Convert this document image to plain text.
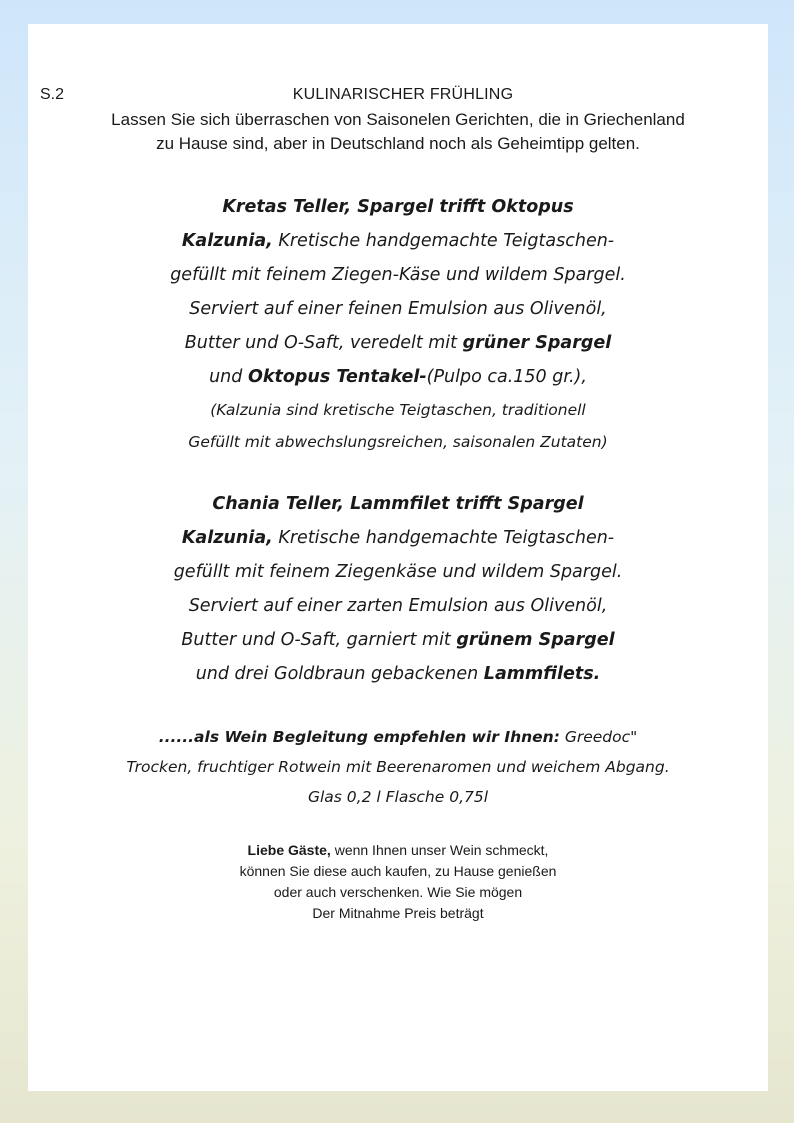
S.2	KULINARISCHER FRÜHLING
Lassen Sie sich überraschen von Saisonelen Gerichten, die in Griechenland
zu Hause sind, aber in Deutschland noch als Geheimtipp gelten.
Kretas Teller, Spargel trifft Oktopus
Kalzunia, Kretische handgemachte Teigtaschen-
gefüllt mit feinem Ziegen-Käse und wildem Spargel.
Serviert auf einer feinen Emulsion aus Olivenöl,
Butter und O-Saft, veredelt mit grüner Spargel
und Oktopus Tentakel-(Pulpo ca.150 gr.),
(Kalzunia sind kretische Teigtaschen, traditionell
Gefüllt mit abwechslungsreichen, saisonalen Zutaten)
Chania Teller, Lammfilet trifft Spargel
Kalzunia, Kretische handgemachte Teigtaschen-
gefüllt mit feinem Ziegenkäse und wildem Spargel.
Serviert auf einer zarten Emulsion aus Olivenöl,
Butter und O-Saft, garniert mit grünem Spargel
und drei Goldbraun gebackenen Lammfilets.
......als Wein Begleitung empfehlen wir Ihnen: Greedoc"
Trocken, fruchtiger Rotwein mit Beerenaromen und weichem Abgang.
Glas 0,2 l Flasche 0,75l
Liebe Gäste, wenn Ihnen unser Wein schmeckt,
können Sie diese auch kaufen, zu Hause genießen
oder auch verschenken. Wie Sie mögen
Der Mitnahme Preis beträgt
